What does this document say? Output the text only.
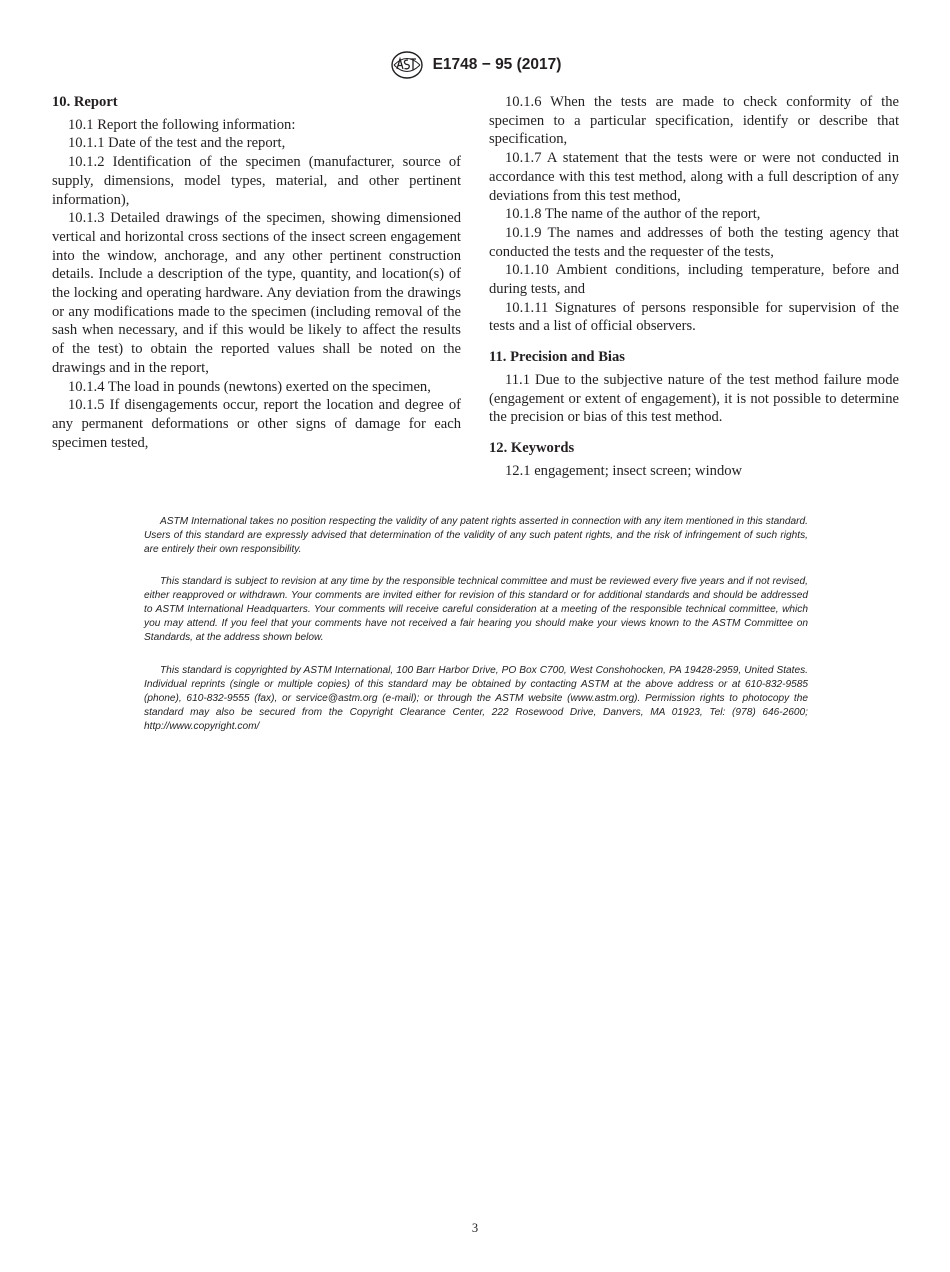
E1748 − 95 (2017)
10. Report

10.1 Report the following information:

10.1.1 Date of the test and the report,

10.1.2 Identification of the specimen (manufacturer, source of supply, dimensions, model types, material, and other pertinent information),

10.1.3 Detailed drawings of the specimen, showing dimensioned vertical and horizontal cross sections of the insect screen engagement into the window, anchorage, and any other pertinent construction details. Include a description of the type, quantity, and location(s) of the locking and operating hardware. Any deviation from the drawings or any modifications made to the specimen (including removal of the sash when necessary, and if this would be likely to affect the results of the test) to obtain the reported values shall be noted on the drawings and in the report,

10.1.4 The load in pounds (newtons) exerted on the specimen,

10.1.5 If disengagements occur, report the location and degree of any permanent deformations or other signs of damage for each specimen tested,

10.1.6 When the tests are made to check conformity of the specimen to a particular specification, identify or describe that specification,

10.1.7 A statement that the tests were or were not conducted in accordance with this test method, along with a full description of any deviations from this test method,

10.1.8 The name of the author of the report,

10.1.9 The names and addresses of both the testing agency that conducted the tests and the requester of the tests,

10.1.10 Ambient conditions, including temperature, before and during tests, and

10.1.11 Signatures of persons responsible for supervision of the tests and a list of official observers.

11. Precision and Bias

11.1 Due to the subjective nature of the test method failure mode (engagement or extent of engagement), it is not possible to determine the precision or bias of this test method.

12. Keywords

12.1 engagement; insect screen; window

ASTM International takes no position respecting the validity of any patent rights asserted in connection with any item mentioned in this standard. Users of this standard are expressly advised that determination of the validity of any such patent rights, and the risk of infringement of such rights, are entirely their own responsibility.

This standard is subject to revision at any time by the responsible technical committee and must be reviewed every five years and if not revised, either reapproved or withdrawn. Your comments are invited either for revision of this standard or for additional standards and should be addressed to ASTM International Headquarters. Your comments will receive careful consideration at a meeting of the responsible technical committee, which you may attend. If you feel that your comments have not received a fair hearing you should make your views known to the ASTM Committee on Standards, at the address shown below.

This standard is copyrighted by ASTM International, 100 Barr Harbor Drive, PO Box C700, West Conshohocken, PA 19428-2959, United States. Individual reprints (single or multiple copies) of this standard may be obtained by contacting ASTM at the above address or at 610-832-9585 (phone), 610-832-9555 (fax), or service@astm.org (e-mail); or through the ASTM website (www.astm.org). Permission rights to photocopy the standard may also be secured from the Copyright Clearance Center, 222 Rosewood Drive, Danvers, MA 01923, Tel: (978) 646-2600; http://www.copyright.com/

3
